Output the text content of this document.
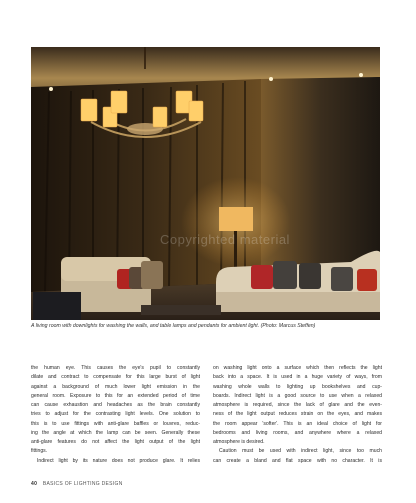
Copyrighted material
A living room with downlights for washing the walls, and table lamps and pendants for ambient light. (Photo: Marcus Steffen)
the human eye. This causes the eye's pupil to constantly
dilate and contract to compensate for this large burst of light
against a background of much lower light emission in the
general room. Exposure to this for an extended period of time
can cause exhaustion and headaches as the brain constantly
tries to adjust for the contrasting light levels. One solution to
this is to use fittings with anti-glare baffles or louvres, reduc-
ing the angle at which the lamp can be seen. Generally these
anti-glare features do not affect the light output of the light
fittings.
Indirect light by its nature does not produce glare. It relies
on washing light onto a surface which then reflects the light
back into a space. It is used in a huge variety of ways, from
washing whole walls to lighting up bookshelves and cup-
boards. Indirect light is a good source to use when a relaxed
atmosphere is required, since the lack of glare and the even-
ness of the light output reduces strain on the eyes, and makes
the room appear 'softer'. This is an ideal choice of light for
bedrooms and living rooms, and anywhere where a relaxed
atmosphere is desired.
Caution must be used with indirect light, since too much
can create a bland and flat space with no character. It is
40 BASICS OF LIGHTING DESIGN
